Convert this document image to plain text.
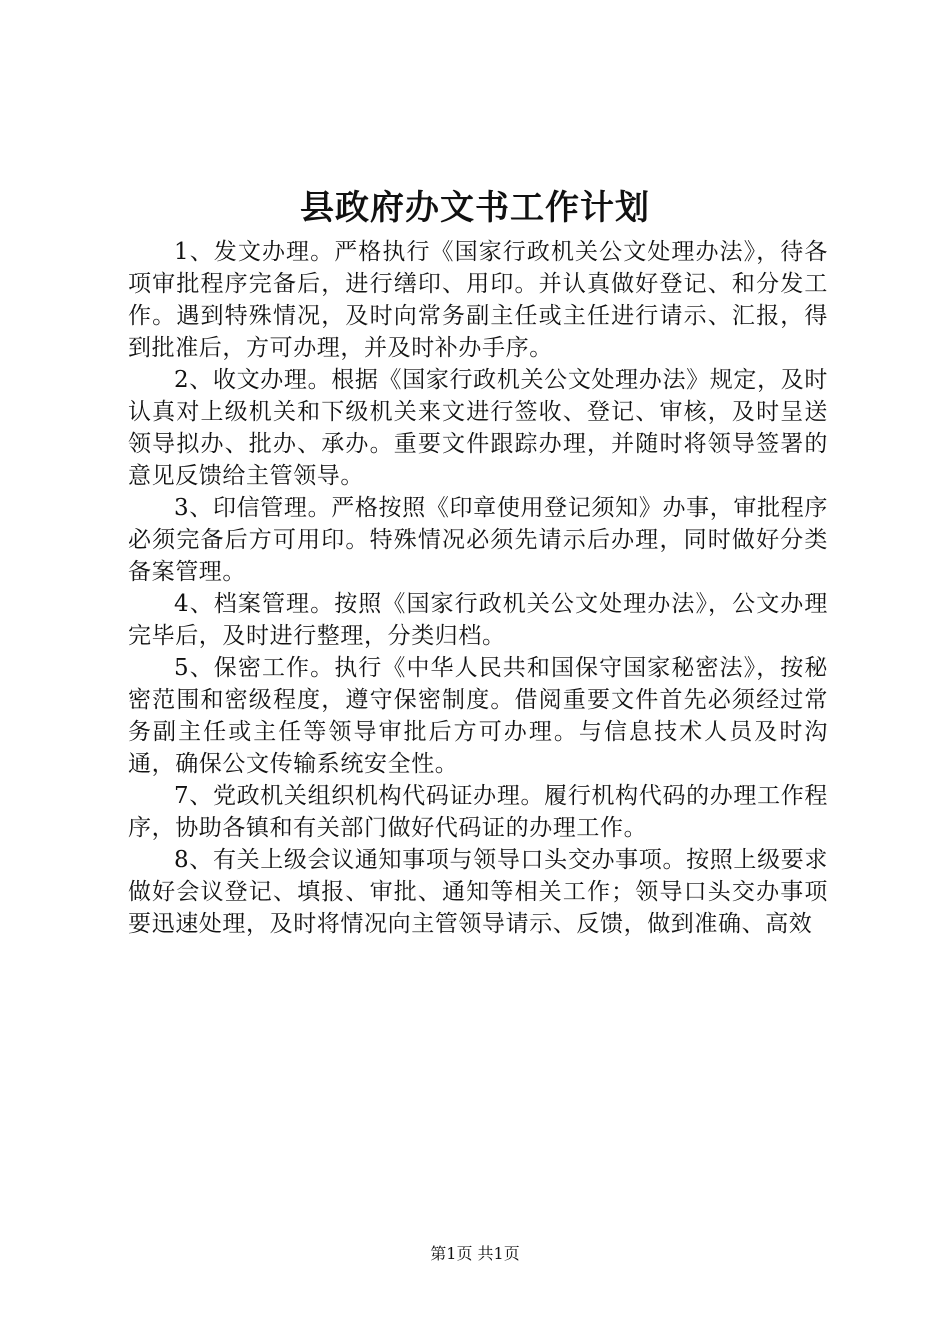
县政府办文书工作计划

1、发文办理。严格执行《国家行政机关公文处理办法》，待各项审批程序完备后，进行缮印、用印。并认真做好登记、和分发工作。遇到特殊情况，及时向常务副主任或主任进行请示、汇报，得到批准后，方可办理，并及时补办手序。

2、收文办理。根据《国家行政机关公文处理办法》规定，及时认真对上级机关和下级机关来文进行签收、登记、审核，及时呈送领导拟办、批办、承办。重要文件跟踪办理，并随时将领导签署的意见反馈给主管领导。

3、印信管理。严格按照《印章使用登记须知》办事，审批程序必须完备后方可用印。特殊情况必须先请示后办理，同时做好分类备案管理。

4、档案管理。按照《国家行政机关公文处理办法》，公文办理完毕后，及时进行整理，分类归档。

5、保密工作。执行《中华人民共和国保守国家秘密法》，按秘密范围和密级程度，遵守保密制度。借阅重要文件首先必须经过常务副主任或主任等领导审批后方可办理。与信息技术人员及时沟通，确保公文传输系统安全性。

7、党政机关组织机构代码证办理。履行机构代码的办理工作程序，协助各镇和有关部门做好代码证的办理工作。

8、有关上级会议通知事项与领导口头交办事项。按照上级要求做好会议登记、填报、审批、通知等相关工作；领导口头交办事项要迅速处理，及时将情况向主管领导请示、反馈，做到准确、高效

第1页 共1页
